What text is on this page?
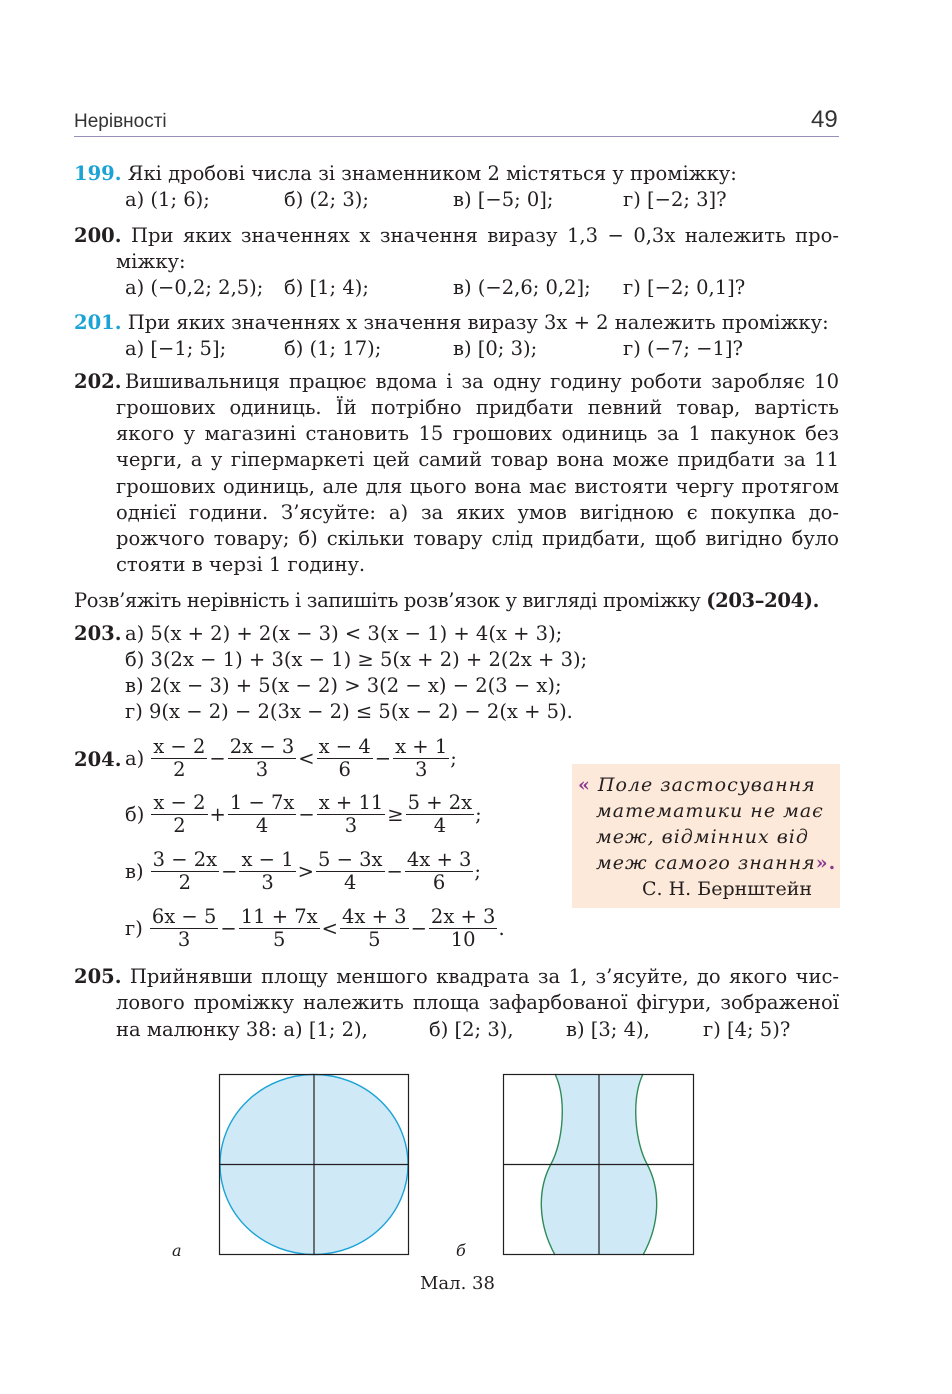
Нерівності	49
199. Які дробові числа зі знаменником 2 містяться у проміжку:
а) (1; 6);	б) (2; 3);	в) [−5; 0];	г) [−2; 3]?
200. При яких значеннях x значення виразу 1,3 − 0,3x належить про-
міжку:
а) (−0,2; 2,5); б) [1; 4);	в) (−2,6; 0,2]; г) [−2; 0,1]?
201. При яких значеннях x значення виразу 3x + 2 належить проміжку:
а) [−1; 5];	б) (1; 17);	в) [0; 3);	г) (−7; −1]?
202. Вишивальниця працює вдома і за одну годину роботи заробляє 10
грошових одиниць. Їй потрібно придбати певний товар, вартість
якого у магазині становить 15 грошових одиниць за 1 пакунок без
черги, а у гіпермаркеті цей самий товар вона може придбати за 11
грошових одиниць, але для цього вона має вистояти чергу протягом
однієї години. З’ясуйте: а) за яких умов вигідною є покупка до-
рожчого товару; б) скільки товару слід придбати, щоб вигідно було
стояти в черзі 1 годину.
Розв’яжіть нерівність і запишіть розв’язок у вигляді проміжку (203–204).
203. а) 5(x + 2) + 2(x − 3) < 3(x − 1) + 4(x + 3);
б) 3(2x − 1) + 3(x − 1) ≥ 5(x + 2) + 2(2x + 3);
в) 2(x − 3) + 5(x − 2) > 3(2 − x) − 2(3 − x);
г) 9(x − 2) − 2(3x − 2) ≤ 5(x − 2) − 2(x + 5).
204. $а) \frac{x - 2}{2} - \frac{2x - 3}{3} < \frac{x - 4}{6} - \frac{x + 1}{3}$ ;
$б) \frac{x - 2}{2} + \frac{1 - 7x}{4} - \frac{x + 11}{3} \ge \frac{5 + 2x}{4}$ ;
$в) \frac{3 - 2x}{2} - \frac{x - 1}{3} > \frac{5 - 3x}{4} - \frac{4x + 3}{6}$ ;
$г) \frac{6x - 5}{3} - \frac{11 + 7x}{5} < \frac{4x + 3}{5} - \frac{2x + 3}{10}$ .
« Поле застосування
математики не має
меж, відмінних від
меж самого знання».
С. Н. Бернштейн
205. Прийнявши площу меншого квадрата за 1, з’ясуйте, до якого чис-
лового проміжку належить площа зафарбованої фігури, зображеної
на малюнку 38: а) [1; 2),	б) [2; 3),	в) [3; 4),	г) [4; 5)?
а	б
Мал. 38
